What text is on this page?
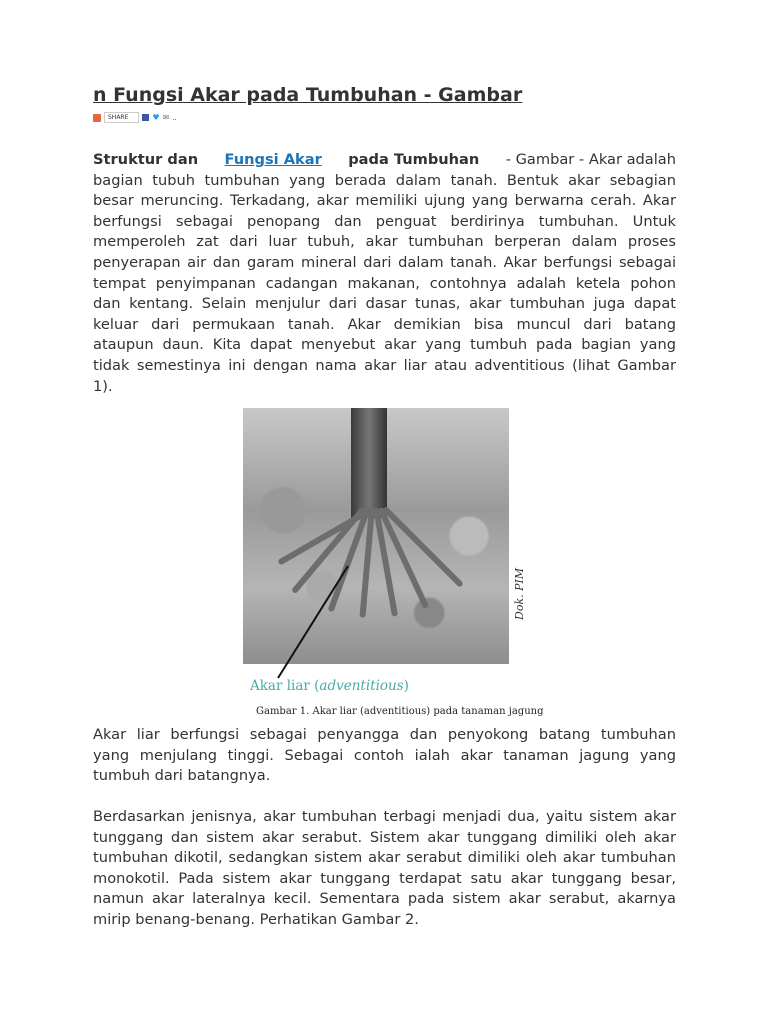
n Fungsi Akar pada Tumbuhan - Gambar
SHARE	♥ ✉ ..
Struktur dan Fungsi Akar pada Tumbuhan - Gambar - Akar adalah
bagian tubuh tumbuhan yang berada dalam tanah. Bentuk akar sebagian
besar meruncing. Terkadang, akar memiliki ujung yang berwarna cerah. Akar
berfungsi sebagai penopang dan penguat berdirinya tumbuhan. Untuk
memperoleh zat dari luar tubuh, akar tumbuhan berperan dalam proses
penyerapan air dan garam mineral dari dalam tanah. Akar berfungsi sebagai
tempat penyimpanan cadangan makanan, contohnya adalah ketela pohon
dan kentang. Selain menjulur dari dasar tunas, akar tumbuhan juga dapat
keluar dari permukaan tanah. Akar demikian bisa muncul dari batang
ataupun daun. Kita dapat menyebut akar yang tumbuh pada bagian yang
tidak semestinya ini dengan nama akar liar atau adventitious (lihat Gambar
1).
Dok. PIM
Akar liar (adventitious)
Gambar 1. Akar liar (adventitious) pada tanaman jagung
Akar liar berfungsi sebagai penyangga dan penyokong batang tumbuhan
yang menjulang tinggi. Sebagai contoh ialah akar tanaman jagung yang
tumbuh dari batangnya.
Berdasarkan jenisnya, akar tumbuhan terbagi menjadi dua, yaitu sistem akar
tunggang dan sistem akar serabut. Sistem akar tunggang dimiliki oleh akar
tumbuhan dikotil, sedangkan sistem akar serabut dimiliki oleh akar tumbuhan
monokotil. Pada sistem akar tunggang terdapat satu akar tunggang besar,
namun akar lateralnya kecil. Sementara pada sistem akar serabut, akarnya
mirip benang-benang. Perhatikan Gambar 2.
